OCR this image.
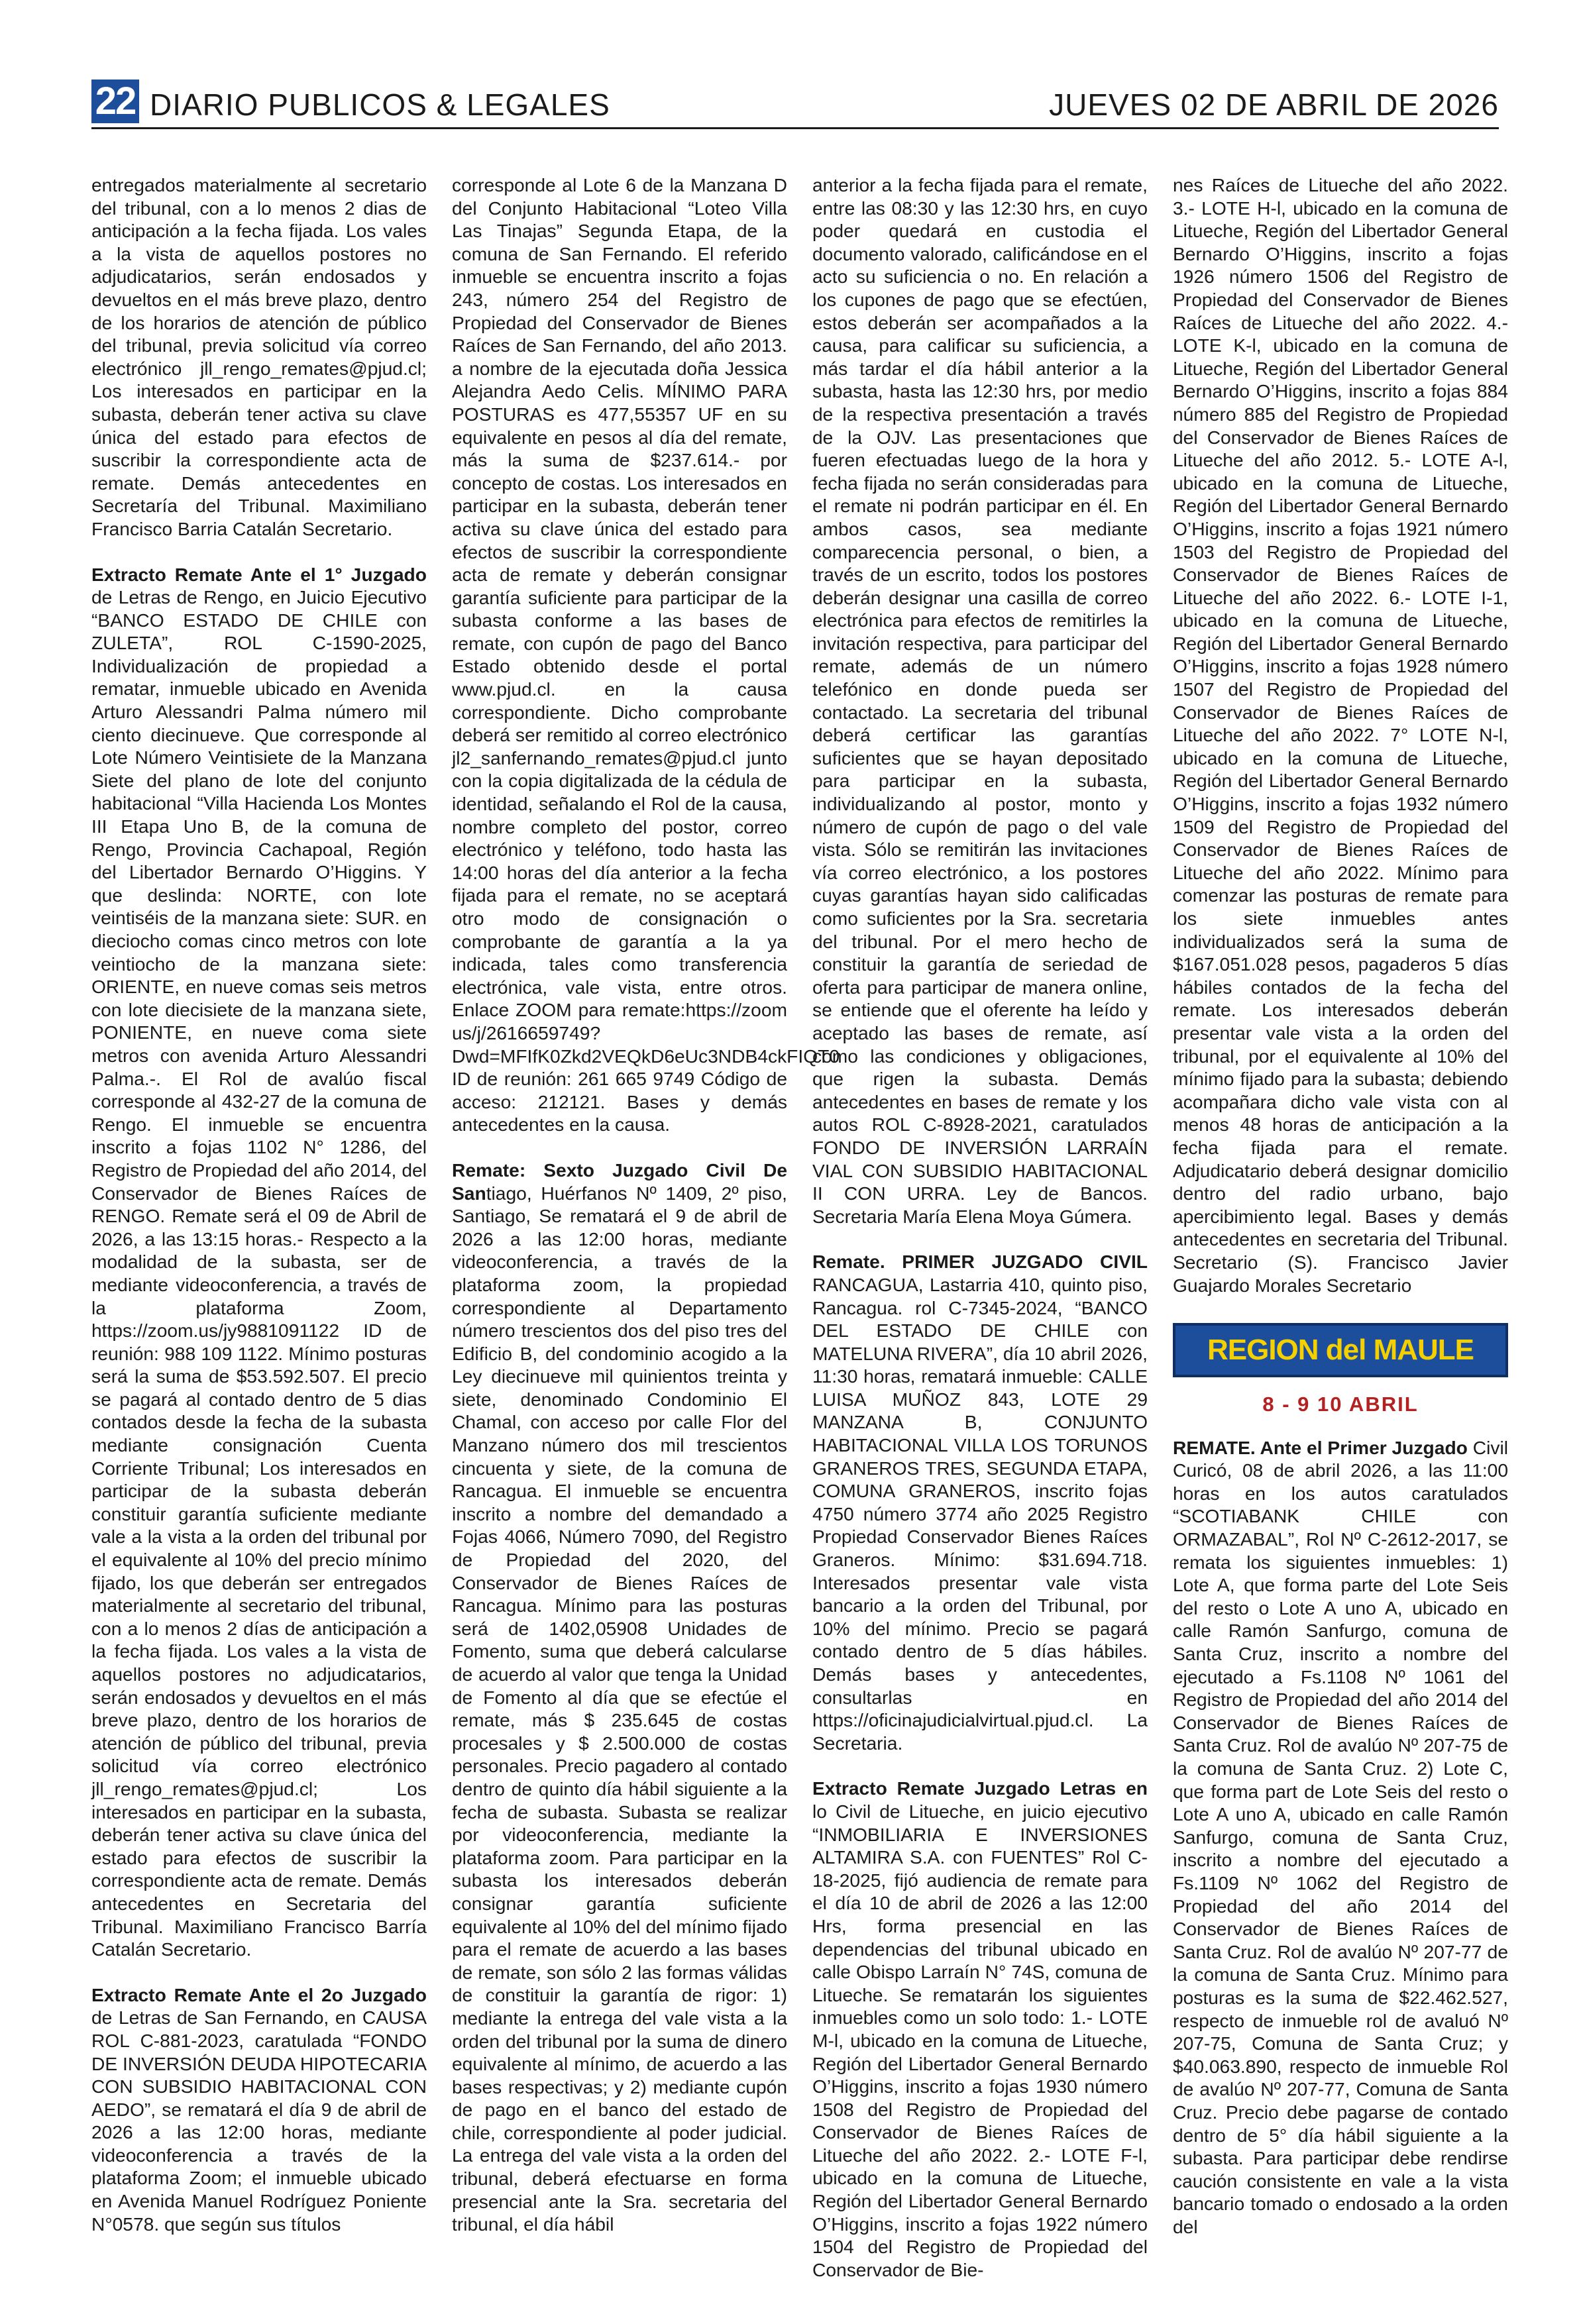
22 DIARIO PUBLICOS & LEGALES	JUEVES 02 DE ABRIL DE 2026

entregados materialmente al secretario del tribunal, con a lo menos 2 dias de anticipación a la fecha fijada. Los vales a la vista de aquellos postores no adjudicatarios, serán endosados y devueltos en el más breve plazo, dentro de los horarios de atención de público del tribunal, previa solicitud vía correo electrónico jll_rengo_remates@pjud.cl; Los interesados en participar en la subasta, deberán tener activa su clave única del estado para efectos de suscribir la correspondiente acta de remate. Demás antecedentes en Secretaría del Tribunal. Maximiliano Francisco Barria Catalán Secretario.

Extracto Remate Ante el 1° Juzgado de Letras de Rengo, en Juicio Ejecutivo “BANCO ESTADO DE CHILE con ZULETA”, ROL C-1590-2025, Individualización de propiedad a rematar, inmueble ubicado en Avenida Arturo Alessandri Palma número mil ciento diecinueve. Que corresponde al Lote Número Veintisiete de la Manzana Siete del plano de lote del conjunto habitacional “Villa Hacienda Los Montes III Etapa Uno B, de la comuna de Rengo, Provincia Cachapoal, Región del Libertador Bernardo O’Higgins. Y que deslinda: NORTE, con lote veintiséis de la manzana siete: SUR. en dieciocho comas cinco metros con lote veintiocho de la manzana siete: ORIENTE, en nueve comas seis metros con lote diecisiete de la manzana siete, PONIENTE, en nueve coma siete metros con avenida Arturo Alessandri Palma.-. El Rol de avalúo fiscal corresponde al 432-27 de la comuna de Rengo. El inmueble se encuentra inscrito a fojas 1102 N° 1286, del Registro de Propiedad del año 2014, del Conservador de Bienes Raíces de RENGO. Remate será el 09 de Abril de 2026, a las 13:15 horas.- Respecto a la modalidad de la subasta, ser de mediante videoconferencia, a través de la plataforma Zoom, https://zoom.us/jy9881091122 ID de reunión: 988 109 1122. Mínimo posturas será la suma de $53.592.507. El precio se pagará al contado dentro de 5 dias contados desde la fecha de la subasta mediante consignación Cuenta Corriente Tribunal; Los interesados en participar de la subasta deberán constituir garantía suficiente mediante vale a la vista a la orden del tribunal por el equivalente al 10% del precio mínimo fijado, los que deberán ser entregados materialmente al secretario del tribunal, con a lo menos 2 días de anticipación a la fecha fijada. Los vales a la vista de aquellos postores no adjudicatarios, serán endosados y devueltos en el más breve plazo, dentro de los horarios de atención de público del tribunal, previa solicitud vía correo electrónico jll_rengo_remates@pjud.cl; Los interesados en participar en la subasta, deberán tener activa su clave única del estado para efectos de suscribir la correspondiente acta de remate. Demás antecedentes en Secretaria del Tribunal. Maximiliano Francisco Barría Catalán Secretario.

Extracto Remate Ante el 2o Juzgado de Letras de San Fernando, en CAUSA ROL C-881-2023, caratulada “FONDO DE INVERSIÓN DEUDA HIPOTECARIA CON SUBSIDIO HABITACIONAL CON AEDO”, se rematará el día 9 de abril de 2026 a las 12:00 horas, mediante videoconferencia a través de la plataforma Zoom; el inmueble ubicado en Avenida Manuel Rodríguez Poniente N°0578. que según sus títulos

corresponde al Lote 6 de la Manzana D del Conjunto Habitacional “Loteo Villa Las Tinajas” Segunda Etapa, de la comuna de San Fernando. El referido inmueble se encuentra inscrito a fojas 243, número 254 del Registro de Propiedad del Conservador de Bienes Raíces de San Fernando, del año 2013. a nombre de la ejecutada doña Jessica Alejandra Aedo Celis. MÍNIMO PARA POSTURAS es 477,55357 UF en su equivalente en pesos al día del remate, más la suma de $237.614.- por concepto de costas. Los interesados en participar en la subasta, deberán tener activa su clave única del estado para efectos de suscribir la correspondiente acta de remate y deberán consignar garantía suficiente para participar de la subasta conforme a las bases de remate, con cupón de pago del Banco Estado obtenido desde el portal www.pjud.cl. en la causa correspondiente. Dicho comprobante deberá ser remitido al correo electrónico jl2_sanfernando_remates@pjud.cl junto con la copia digitalizada de la cédula de identidad, señalando el Rol de la causa, nombre completo del postor, correo electrónico y teléfono, todo hasta las 14:00 horas del día anterior a la fecha fijada para el remate, no se aceptará otro modo de consignación o comprobante de garantía a la ya indicada, tales como transferencia electrónica, vale vista, entre otros. Enlace ZOOM para remate:https://zoom us/j/2616659749?Dwd=MFIfK0Zkd2VEQkD6eUc3NDB4ckFIQT0 ID de reunión: 261 665 9749 Código de acceso: 212121. Bases y demás antecedentes en la causa.

Remate: Sexto Juzgado Civil De Santiago, Huérfanos Nº 1409, 2º piso, Santiago, Se rematará el 9 de abril de 2026 a las 12:00 horas, mediante videoconferencia, a través de la plataforma zoom, la propiedad correspondiente al Departamento número trescientos dos del piso tres del Edificio B, del condominio acogido a la Ley diecinueve mil quinientos treinta y siete, denominado Condominio El Chamal, con acceso por calle Flor del Manzano número dos mil trescientos cincuenta y siete, de la comuna de Rancagua. El inmueble se encuentra inscrito a nombre del demandado a Fojas 4066, Número 7090, del Registro de Propiedad del 2020, del Conservador de Bienes Raíces de Rancagua. Mínimo para las posturas será de 1402,05908 Unidades de Fomento, suma que deberá calcularse de acuerdo al valor que tenga la Unidad de Fomento al día que se efectúe el remate, más $ 235.645 de costas procesales y $ 2.500.000 de costas personales. Precio pagadero al contado dentro de quinto día hábil siguiente a la fecha de subasta. Subasta se realizar por videoconferencia, mediante la plataforma zoom. Para participar en la subasta los interesados deberán consignar garantía suficiente equivalente al 10% del del mínimo fijado para el remate de acuerdo a las bases de remate, son sólo 2 las formas válidas de constituir la garantía de rigor: 1) mediante la entrega del vale vista a la orden del tribunal por la suma de dinero equivalente al mínimo, de acuerdo a las bases respectivas; y 2) mediante cupón de pago en el banco del estado de chile, correspondiente al poder judicial. La entrega del vale vista a la orden del tribunal, deberá efectuarse en forma presencial ante la Sra. secretaria del tribunal, el día hábil

anterior a la fecha fijada para el remate, entre las 08:30 y las 12:30 hrs, en cuyo poder quedará en custodia el documento valorado, calificándose en el acto su suficiencia o no. En relación a los cupones de pago que se efectúen, estos deberán ser acompañados a la causa, para calificar su suficiencia, a más tardar el día hábil anterior a la subasta, hasta las 12:30 hrs, por medio de la respectiva presentación a través de la OJV. Las presentaciones que fueren efectuadas luego de la hora y fecha fijada no serán consideradas para el remate ni podrán participar en él. En ambos casos, sea mediante comparecencia personal, o bien, a través de un escrito, todos los postores deberán designar una casilla de correo electrónica para efectos de remitirles la invitación respectiva, para participar del remate, además de un número telefónico en donde pueda ser contactado. La secretaria del tribunal deberá certificar las garantías suficientes que se hayan depositado para participar en la subasta, individualizando al postor, monto y número de cupón de pago o del vale vista. Sólo se remitirán las invitaciones vía correo electrónico, a los postores cuyas garantías hayan sido calificadas como suficientes por la Sra. secretaria del tribunal. Por el mero hecho de constituir la garantía de seriedad de oferta para participar de manera online, se entiende que el oferente ha leído y aceptado las bases de remate, así como las condiciones y obligaciones, que rigen la subasta. Demás antecedentes en bases de remate y los autos ROL C-8928-2021, caratulados FONDO DE INVERSIÓN LARRAÍN VIAL CON SUBSIDIO HABITACIONAL II CON URRA. Ley de Bancos. Secretaria María Elena Moya Gúmera.

Remate. PRIMER JUZGADO CIVIL RANCAGUA, Lastarria 410, quinto piso, Rancagua. rol C-7345-2024, “BANCO DEL ESTADO DE CHILE con MATELUNA RIVERA”, día 10 abril 2026, 11:30 horas, rematará inmueble: CALLE LUISA MUÑOZ 843, LOTE 29 MANZANA B, CONJUNTO HABITACIONAL VILLA LOS TORUNOS GRANEROS TRES, SEGUNDA ETAPA, COMUNA GRANEROS, inscrito fojas 4750 número 3774 año 2025 Registro Propiedad Conservador Bienes Raíces Graneros. Mínimo: $31.694.718. Interesados presentar vale vista bancario a la orden del Tribunal, por 10% del mínimo. Precio se pagará contado dentro de 5 días hábiles. Demás bases y antecedentes, consultarlas en https://oficinajudicialvirtual.pjud.cl. La Secretaria.

Extracto Remate Juzgado Letras en lo Civil de Litueche, en juicio ejecutivo “INMOBILIARIA E INVERSIONES ALTAMIRA S.A. con FUENTES” Rol C-18-2025, fijó audiencia de remate para el día 10 de abril de 2026 a las 12:00 Hrs, forma presencial en las dependencias del tribunal ubicado en calle Obispo Larraín N° 74S, comuna de Litueche. Se rematarán los siguientes inmuebles como un solo todo: 1.- LOTE M-l, ubicado en la comuna de Litueche, Región del Libertador General Bernardo O’Higgins, inscrito a fojas 1930 número 1508 del Registro de Propiedad del Conservador de Bienes Raíces de Litueche del año 2022. 2.- LOTE F-l, ubicado en la comuna de Litueche, Región del Libertador General Bernardo O’Higgins, inscrito a fojas 1922 número 1504 del Registro de Propiedad del Conservador de Bie-

nes Raíces de Litueche del año 2022. 3.- LOTE H-l, ubicado en la comuna de Litueche, Región del Libertador General Bernardo O’Higgins, inscrito a fojas 1926 número 1506 del Registro de Propiedad del Conservador de Bienes Raíces de Litueche del año 2022. 4.- LOTE K-l, ubicado en la comuna de Litueche, Región del Libertador General Bernardo O’Higgins, inscrito a fojas 884 número 885 del Registro de Propiedad del Conservador de Bienes Raíces de Litueche del año 2012. 5.- LOTE A-l, ubicado en la comuna de Litueche, Región del Libertador General Bernardo O’Higgins, inscrito a fojas 1921 número 1503 del Registro de Propiedad del Conservador de Bienes Raíces de Litueche del año 2022. 6.- LOTE I-1, ubicado en la comuna de Litueche, Región del Libertador General Bernardo O’Higgins, inscrito a fojas 1928 número 1507 del Registro de Propiedad del Conservador de Bienes Raíces de Litueche del año 2022. 7° LOTE N-l, ubicado en la comuna de Litueche, Región del Libertador General Bernardo O’Higgins, inscrito a fojas 1932 número 1509 del Registro de Propiedad del Conservador de Bienes Raíces de Litueche del año 2022. Mínimo para comenzar las posturas de remate para los siete inmuebles antes individualizados será la suma de $167.051.028 pesos, pagaderos 5 días hábiles contados de la fecha del remate. Los interesados deberán presentar vale vista a la orden del tribunal, por el equivalente al 10% del mínimo fijado para la subasta; debiendo acompañara dicho vale vista con al menos 48 horas de anticipación a la fecha fijada para el remate. Adjudicatario deberá designar domicilio dentro del radio urbano, bajo apercibimiento legal. Bases y demás antecedentes en secretaria del Tribunal. Secretario (S). Francisco Javier Guajardo Morales Secretario

REGION del MAULE
8 - 9 10 ABRIL

REMATE. Ante el Primer Juzgado Civil Curicó, 08 de abril 2026, a las 11:00 horas en los autos caratulados “SCOTIABANK CHILE con ORMAZABAL”, Rol Nº C-2612-2017, se remata los siguientes inmuebles: 1) Lote A, que forma parte del Lote Seis del resto o Lote A uno A, ubicado en calle Ramón Sanfurgo, comuna de Santa Cruz, inscrito a nombre del ejecutado a Fs.1108 Nº 1061 del Registro de Propiedad del año 2014 del Conservador de Bienes Raíces de Santa Cruz. Rol de avalúo Nº 207-75 de la comuna de Santa Cruz. 2) Lote C, que forma part de Lote Seis del resto o Lote A uno A, ubicado en calle Ramón Sanfurgo, comuna de Santa Cruz, inscrito a nombre del ejecutado a Fs.1109 Nº 1062 del Registro de Propiedad del año 2014 del Conservador de Bienes Raíces de Santa Cruz. Rol de avalúo Nº 207-77 de la comuna de Santa Cruz. Mínimo para posturas es la suma de $22.462.527, respecto de inmueble rol de avaluó Nº 207-75, Comuna de Santa Cruz; y $40.063.890, respecto de inmueble Rol de avalúo Nº 207-77, Comuna de Santa Cruz. Precio debe pagarse de contado dentro de 5° día hábil siguiente a la subasta. Para participar debe rendirse caución consistente en vale a la vista bancario tomado o endosado a la orden del
